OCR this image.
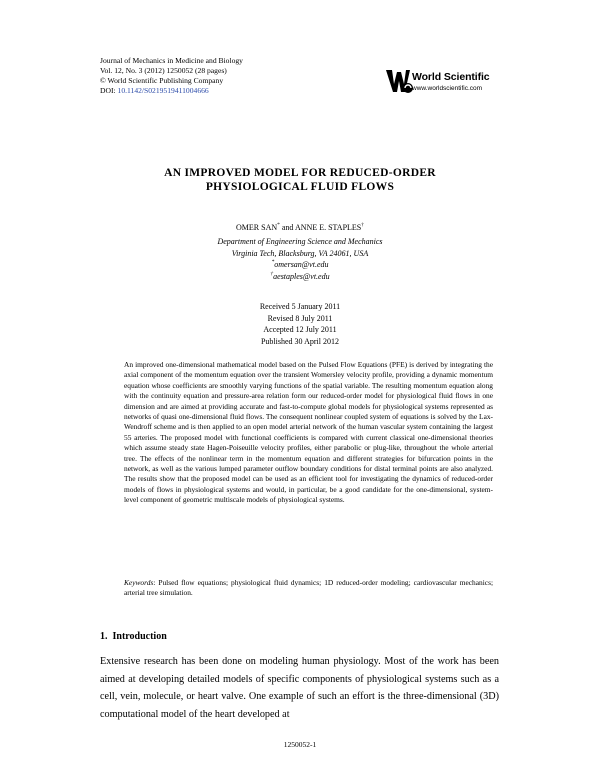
Journal of Mechanics in Medicine and Biology
Vol. 12, No. 3 (2012) 1250052 (28 pages)
© World Scientific Publishing Company
DOI: 10.1142/S0219519411004666
World Scientific
www.worldscientific.com
AN IMPROVED MODEL FOR REDUCED-ORDER
PHYSIOLOGICAL FLUID FLOWS
OMER SAN* and ANNE E. STAPLES†
Department of Engineering Science and Mechanics
Virginia Tech, Blacksburg, VA 24061, USA
*omersan@vt.edu
†aestaples@vt.edu
Received 5 January 2011
Revised 8 July 2011
Accepted 12 July 2011
Published 30 April 2012
An improved one-dimensional mathematical model based on the Pulsed Flow Equations (PFE) is derived by integrating the axial component of the momentum equation over the transient Womersley velocity profile, providing a dynamic momentum equation whose coefficients are smoothly varying functions of the spatial variable. The resulting momentum equation along with the continuity equation and pressure-area relation form our reduced-order model for physiological fluid flows in one dimension and are aimed at providing accurate and fast-to-compute global models for physiological systems represented as networks of quasi one-dimensional fluid flows. The consequent nonlinear coupled system of equations is solved by the Lax-Wendroff scheme and is then applied to an open model arterial network of the human vascular system containing the largest 55 arteries. The proposed model with functional coefficients is compared with current classical one-dimensional theories which assume steady state Hagen-Poiseuille velocity profiles, either parabolic or plug-like, throughout the whole arterial tree. The effects of the nonlinear term in the momentum equation and different strategies for bifurcation points in the network, as well as the various lumped parameter outflow boundary conditions for distal terminal points are also analyzed. The results show that the proposed model can be used as an efficient tool for investigating the dynamics of reduced-order models of flows in physiological systems and would, in particular, be a good candidate for the one-dimensional, system-level component of geometric multiscale models of physiological systems.
Keywords: Pulsed flow equations; physiological fluid dynamics; 1D reduced-order modeling; cardiovascular mechanics; arterial tree simulation.
1.  Introduction
Extensive research has been done on modeling human physiology. Most of the work has been aimed at developing detailed models of specific components of physiological systems such as a cell, vein, molecule, or heart valve. One example of such an effort is the three-dimensional (3D) computational model of the heart developed at
1250052-1
